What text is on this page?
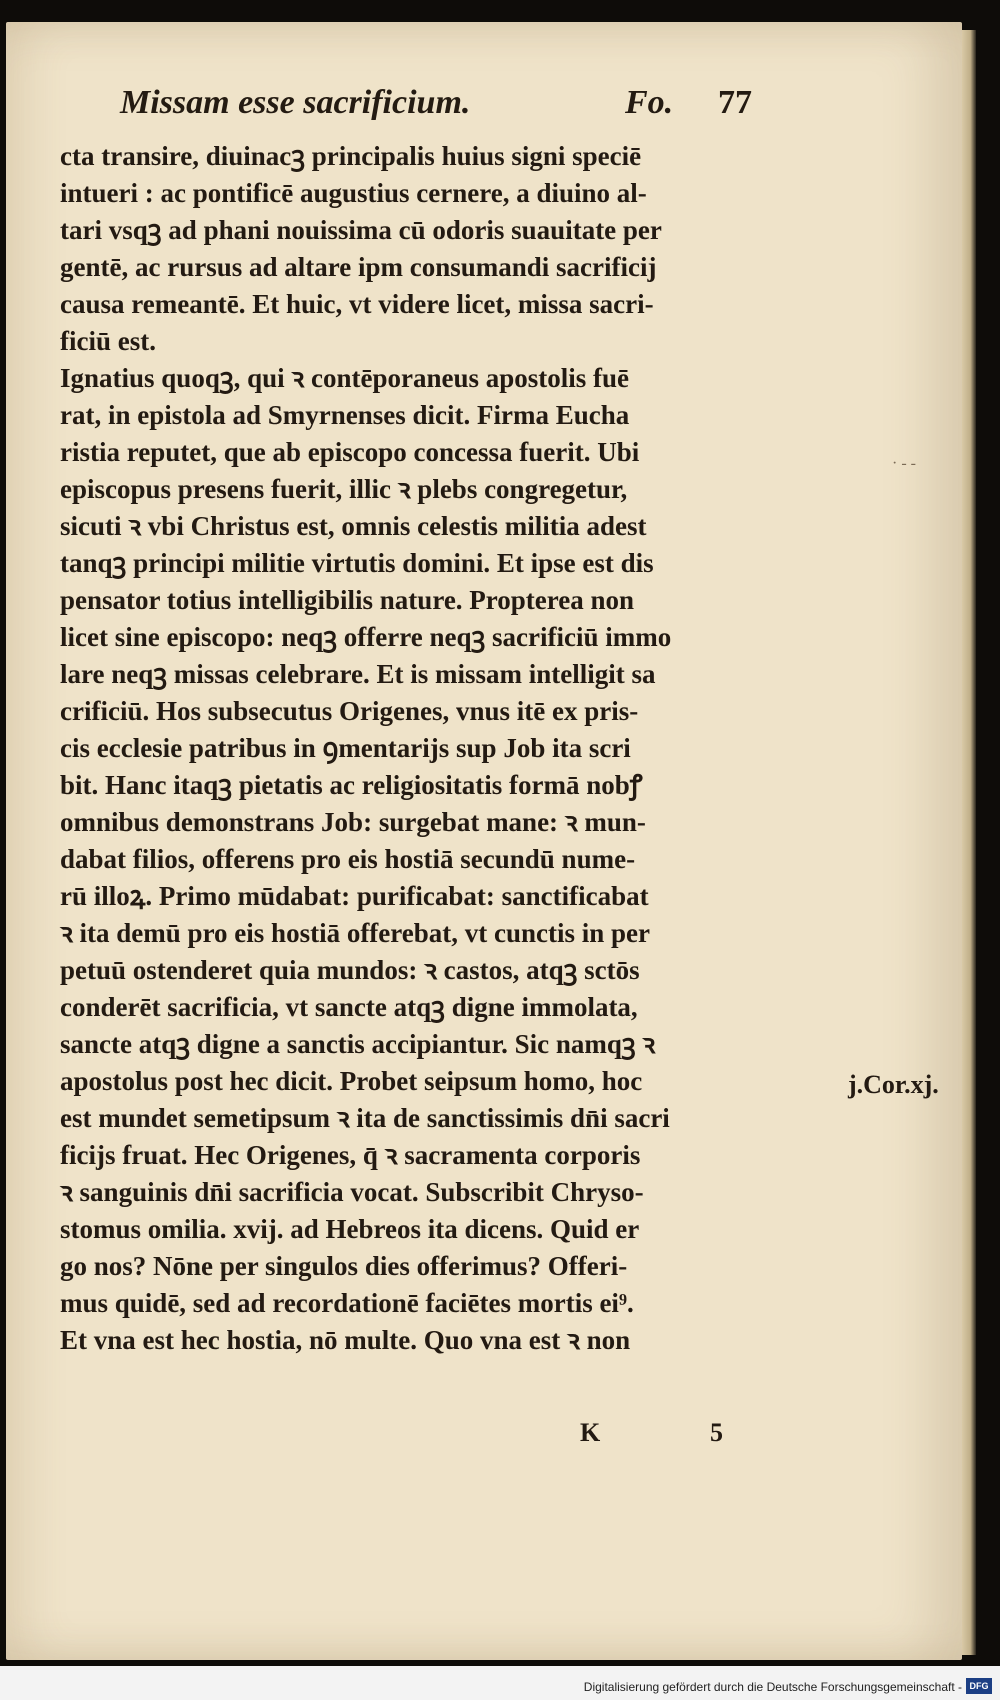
Missam esse sacrificium.	Fo. 77
cta transire, diuinacꝫ principalis huius signi speciē
intueri : ac pontificē augustius cernere, a diuino al-
tari vsqꝫ ad phani nouissima cū odoris suauitate per
gentē, ac rursus ad altare ipm consumandi sacrificij
causa remeantē. Et huic, vt videre licet, missa sacri-
ficiū est.
Ignatius quoqꝫ, qui ꝛ contēporaneus apostolis fuē
rat, in epistola ad Smyrnenses dicit. Firma Eucha
ristia reputet, que ab episcopo concessa fuerit. Ubi
episcopus presens fuerit, illic ꝛ plebs congregetur,
sicuti ꝛ vbi Christus est, omnis celestis militia adest
tanqꝫ principi militie virtutis domini. Et ipse est dis
pensator totius intelligibilis nature. Propterea non
licet sine episcopo: neqꝫ offerre neqꝫ sacrificiū immo
lare neqꝫ missas celebrare. Et is missam intelligit sa
crificiū. Hos subsecutus Origenes, vnus itē ex pris-
cis ecclesie patribus in ꝯmentarijs sup Job ita scri
bit. Hanc itaqꝫ pietatis ac religiositatis formā nobꝭ
omnibus demonstrans Job: surgebat mane: ꝛ mun-
dabat filios, offerens pro eis hostiā secundū nume-
rū illoꝝ. Primo mūdabat: purificabat: sanctificabat
ꝛ ita demū pro eis hostiā offerebat, vt cunctis in per
petuū ostenderet quia mundos: ꝛ castos, atqꝫ sctōs
conderēt sacrificia, vt sancte atqꝫ digne immolata,
sancte atqꝫ digne a sanctis accipiantur. Sic namqꝫ ꝛ
apostolus post hec dicit. Probet seipsum homo, hoc
est mundet semetipsum ꝛ ita de sanctissimis dn̄i sacri
ficijs fruat. Hec Origenes, q̄ ꝛ sacramenta corporis
ꝛ sanguinis dn̄i sacrificia vocat. Subscribit Chryso-
stomus omilia. xvij. ad Hebreos ita dicens. Quid er
go nos? Nōne per singulos dies offerimus? Offeri-
mus quidē, sed ad recordationē faciētes mortis ei⁹.
Et vna est hec hostia, nō multe. Quo vna est ꝛ non
j.Cor.xj.
K	5
· - -
Digitalisierung gefördert durch die Deutsche Forschungsgemeinschaft - DFG
